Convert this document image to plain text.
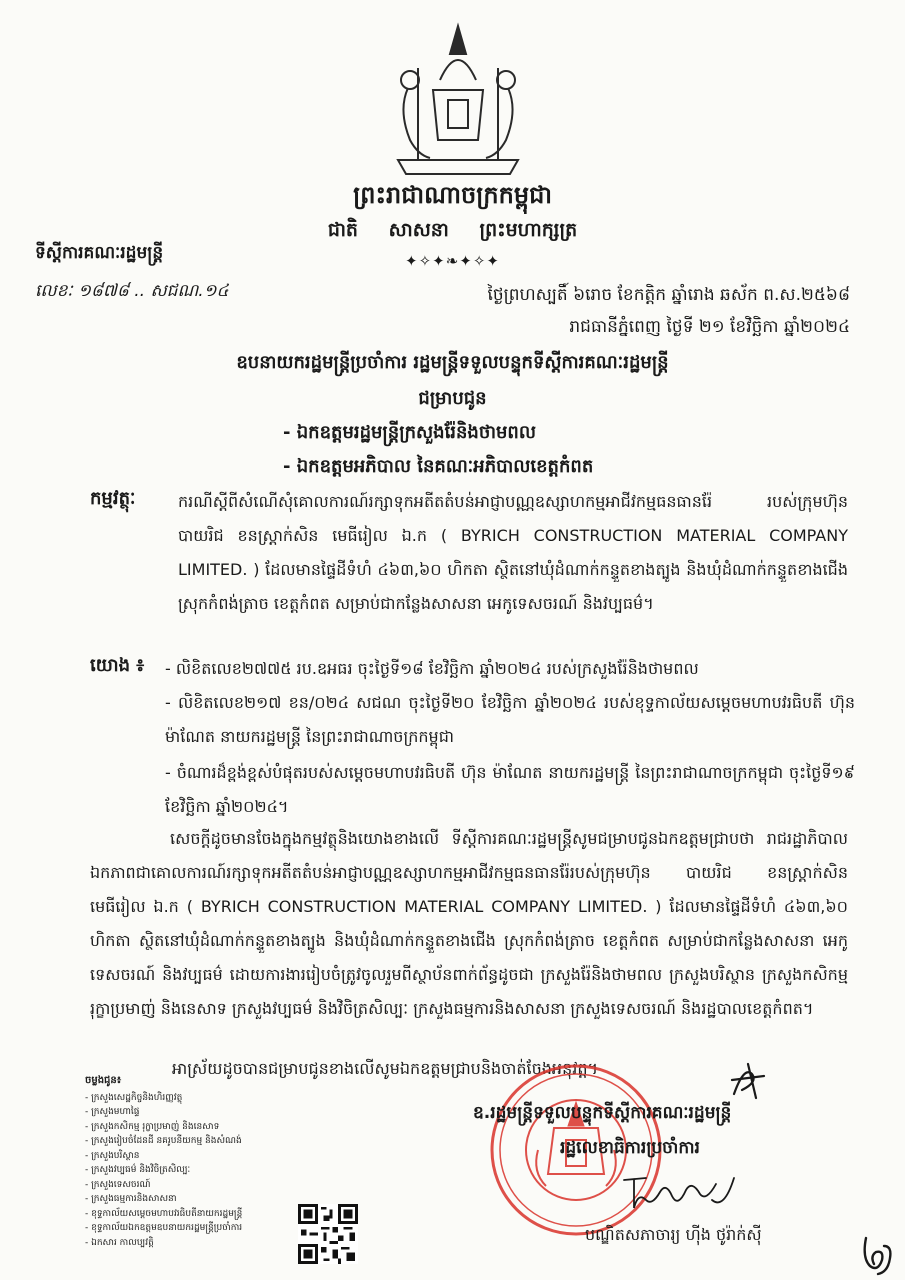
ព្រះរាជាណាចក្រកម្ពុជា
ជាតិ សាសនា ព្រះមហាក្សត្រ
✦✧✦❧✦✧✦
ទីស្ដីការគណៈរដ្ឋមន្ត្រី
លេខៈ ១៨៧៨ .. សជណ.១៤	ថ្ងៃព្រហស្បតិ៍ ៦រោច ខែកត្តិក ឆ្នាំរោង ឆស័ក ព.ស.២៥៦៨
រាជធានីភ្នំពេញ ថ្ងៃទី ២១ ខែវិច្ឆិកា ឆ្នាំ២០២៤
ឧបនាយករដ្ឋមន្ត្រីប្រចាំការ រដ្ឋមន្ត្រីទទួលបន្ទុកទីស្ដីការគណៈរដ្ឋមន្ត្រី
ជម្រាបជូន
- ឯកឧត្តមរដ្ឋមន្ត្រីក្រសួងរ៉ែនិងថាមពល
- ឯកឧត្តមអភិបាល នៃគណៈអភិបាលខេត្តកំពត
កម្មវត្ថុៈ	ករណីស្ដីពីសំណើសុំគោលការណ៍រក្សាទុកអតីតតំបន់អាជ្ញាបណ្ណឧស្សាហកម្មអាជីវកម្មធនធានរ៉ែ របស់ក្រុមហ៊ុន បាយរិជ ខនស្ត្រាក់សិន មេធីរៀល ឯ.ក ( BYRICH CONSTRUCTION MATERIAL COMPANY LIMITED. ) ដែលមានផ្ទៃដីទំហំ ៤៦៣,៦០ ហិកតា ស្ថិតនៅឃុំដំណាក់កន្ទួតខាងត្បូង និងឃុំដំណាក់កន្ទួតខាងជើង ស្រុកកំពង់ត្រាច ខេត្តកំពត សម្រាប់ជាកន្លែងសាសនា អេកូទេសចរណ៍ និងវប្បធម៌។
យោង ៖ - លិខិតលេខ២៧៧៥ រប.ឧអធរ ចុះថ្ងៃទី១៨ ខែវិច្ឆិកា ឆ្នាំ២០២៤ របស់ក្រសួងរ៉ែនិងថាមពល
- លិខិតលេខ២១៧ ខន/០២៤ សជណ ចុះថ្ងៃទី២០ ខែវិច្ឆិកា ឆ្នាំ២០២៤ របស់ខុទ្ទកាល័យសម្ដេចមហាបវរធិបតី ហ៊ុន ម៉ាណែត នាយករដ្ឋមន្ត្រី នៃព្រះរាជាណាចក្រកម្ពុជា
- ចំណារដ៏ខ្ពង់ខ្ពស់បំផុតរបស់សម្ដេចមហាបវរធិបតី ហ៊ុន ម៉ាណែត នាយករដ្ឋមន្ត្រី នៃព្រះរាជាណាចក្រកម្ពុជា ចុះថ្ងៃទី១៩ ខែវិច្ឆិកា ឆ្នាំ២០២៤។
សេចក្ដីដូចមានចែងក្នុងកម្មវត្ថុនិងយោងខាងលើ ទីស្ដីការគណៈរដ្ឋមន្ត្រីសូមជម្រាបជូនឯកឧត្តមជ្រាបថា រាជរដ្ឋាភិបាលឯកភាពជាគោលការណ៍រក្សាទុកអតីតតំបន់អាជ្ញាបណ្ណឧស្សាហកម្មអាជីវកម្មធនធានរ៉ែរបស់ក្រុមហ៊ុន បាយរិជ ខនស្ត្រាក់សិន មេធីរៀល ឯ.ក ( BYRICH CONSTRUCTION MATERIAL COMPANY LIMITED. ) ដែលមានផ្ទៃដីទំហំ ៤៦៣,៦០ ហិកតា ស្ថិតនៅឃុំដំណាក់កន្ទួតខាងត្បូង និងឃុំដំណាក់កន្ទួតខាងជើង ស្រុកកំពង់ត្រាច ខេត្តកំពត សម្រាប់ជាកន្លែងសាសនា អេកូទេសចរណ៍ និងវប្បធម៌ ដោយការងាររៀបចំត្រូវចូលរួមពីស្ថាប័នពាក់ព័ន្ធដូចជា ក្រសួងរ៉ែនិងថាមពល ក្រសួងបរិស្ថាន ក្រសួងកសិកម្ម រុក្ខាប្រមាញ់ និងនេសាទ ក្រសួងវប្បធម៌ និងវិចិត្រសិល្បៈ ក្រសួងធម្មការនិងសាសនា ក្រសួងទេសចរណ៍ និងរដ្ឋបាលខេត្តកំពត។
អាស្រ័យដូចបានជម្រាបជូនខាងលើសូមឯកឧត្តមជ្រាបនិងចាត់ចែងអនុវត្ត។
ចម្លងជូន៖
- ក្រសួងសេដ្ឋកិច្ចនិងហិរញ្ញវត្ថុ
- ក្រសួងមហាផ្ទៃ
- ក្រសួងកសិកម្ម រុក្ខាប្រមាញ់ និងនេសាទ
- ក្រសួងរៀបចំដែនដី នគរូបនីយកម្ម និងសំណង់
- ក្រសួងបរិស្ថាន
- ក្រសួងវប្បធម៌ និងវិចិត្រសិល្បៈ
- ក្រសួងទេសចរណ៍
- ក្រសួងធម្មការនិងសាសនា
- ខុទ្ទកាល័យសម្ដេចមហាបវរធិបតីនាយករដ្ឋមន្ត្រី
- ខុទ្ទកាល័យឯកឧត្តមឧបនាយករដ្ឋមន្ត្រីប្រចាំការ
- ឯកសារ កាលប្បវត្តិ
ឧ.រដ្ឋមន្ត្រីទទួលបន្ទុកទីស្ដីការគណៈរដ្ឋមន្ត្រី
រដ្ឋលេខាធិការប្រចាំការ
បណ្ឌិតសភាចារ្យ ហ៊ីង ថូរ៉ាក់ស៊ី
